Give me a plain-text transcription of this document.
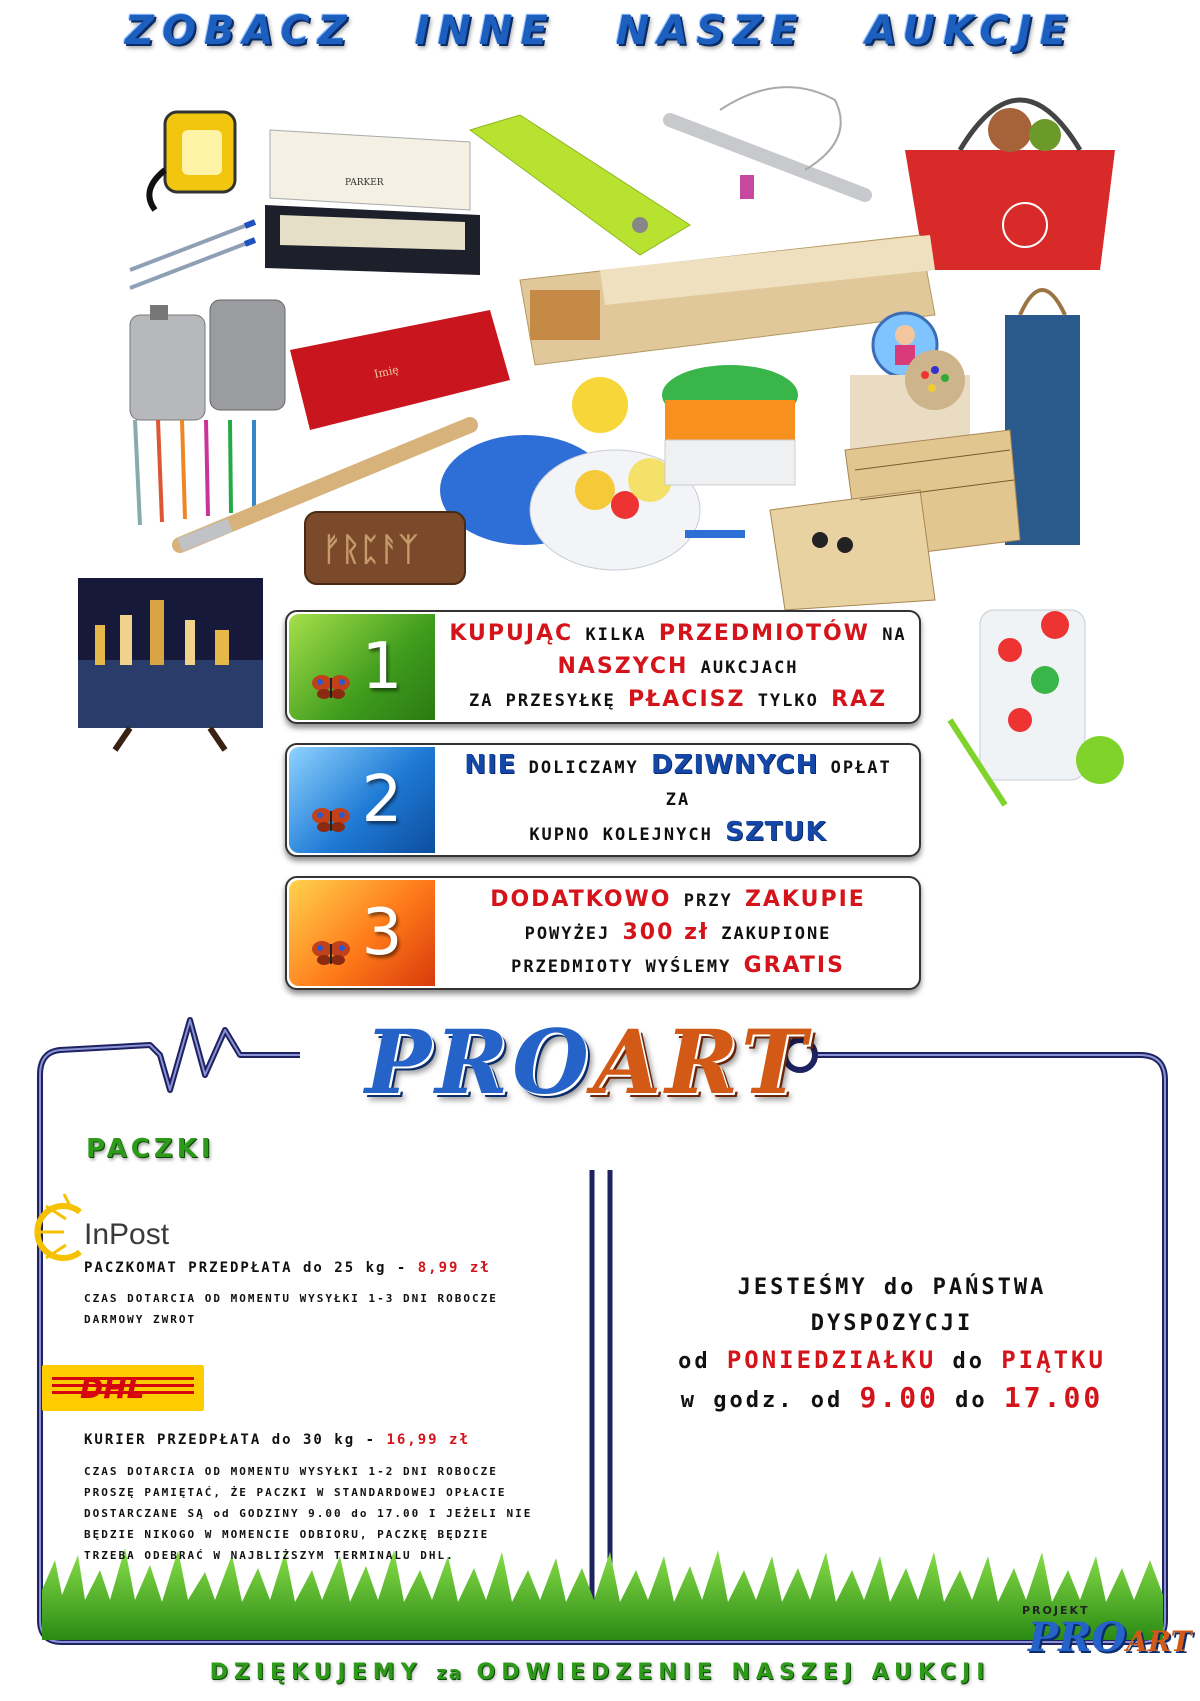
ZOBACZ INNE NASZE AUKCJE
PARKER
Imię
ᚠᚱᛈᚨᛉ
1 KUPUJĄC KILKA PRZEDMIOTÓW NA
NASZYCH AUKCJACH
ZA PRZESYŁKĘ PŁACISZ TYLKO RAZ
2	NIE DOLICZAMY DZIWNYCH OPŁAT ZA
KUPNO KOLEJNYCH SZTUK
3	DODATKOWO PRZY ZAKUPIE
POWYŻEJ 300 zł ZAKUPIONE
PRZEDMIOTY WYŚLEMY GRATIS
PROART
PACZKI
InPost
PACZKOMAT PRZEDPŁATA do 25 kg - 8,99 zł
CZAS DOTARCIA OD MOMENTU WYSYŁKI 1-3 DNI ROBOCZE
DARMOWY ZWROT
DHL
KURIER PRZEDPŁATA do 30 kg - 16,99 zł
CZAS DOTARCIA OD MOMENTU WYSYŁKI 1-2 DNI ROBOCZE
PROSZĘ PAMIĘTAĆ, ŻE PACZKI W STANDARDOWEJ OPŁACIE
DOSTARCZANE SĄ od GODZINY 9.00 do 17.00 I JEŻELI NIE
BĘDZIE NIKOGO W MOMENCIE ODBIORU, PACZKĘ BĘDZIE
TRZEBA ODEBRAĆ W NAJBLIŻSZYM TERMINALU DHL.
JESTEŚMY do PAŃSTWA
DYSPOZYCJI
od PONIEDZIAŁKU do PIĄTKU
w godz. od 9.00 do 17.00
PROJEKT
PROART
DZIĘKUJEMY za ODWIEDZENIE NASZEJ AUKCJI
